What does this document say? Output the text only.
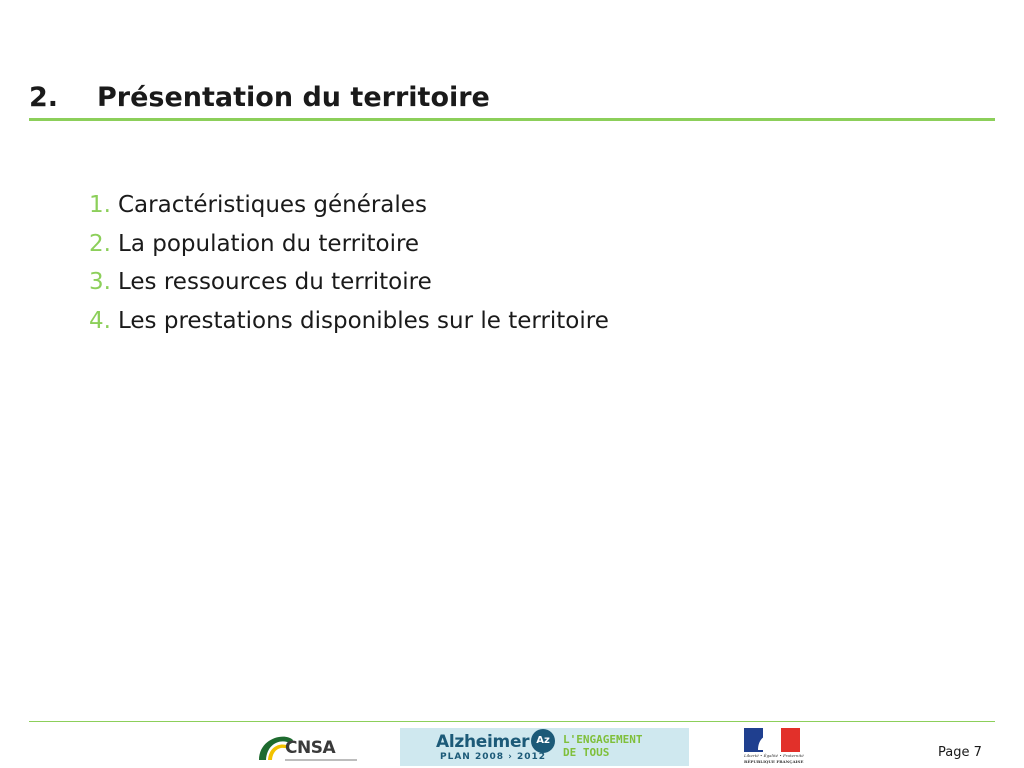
2. Présentation du territoire
1. Caractéristiques générales
2. La population du territoire
3. Les ressources du territoire
4. Les prestations disponibles sur le territoire
CNSA	Alzheimer
PLAN 2008 › 2012
Az	L'ENGAGEMENT DE TOUS	Liberté • Égalité • Fraternité
RÉPUBLIQUE FRANÇAISE
Page 7
